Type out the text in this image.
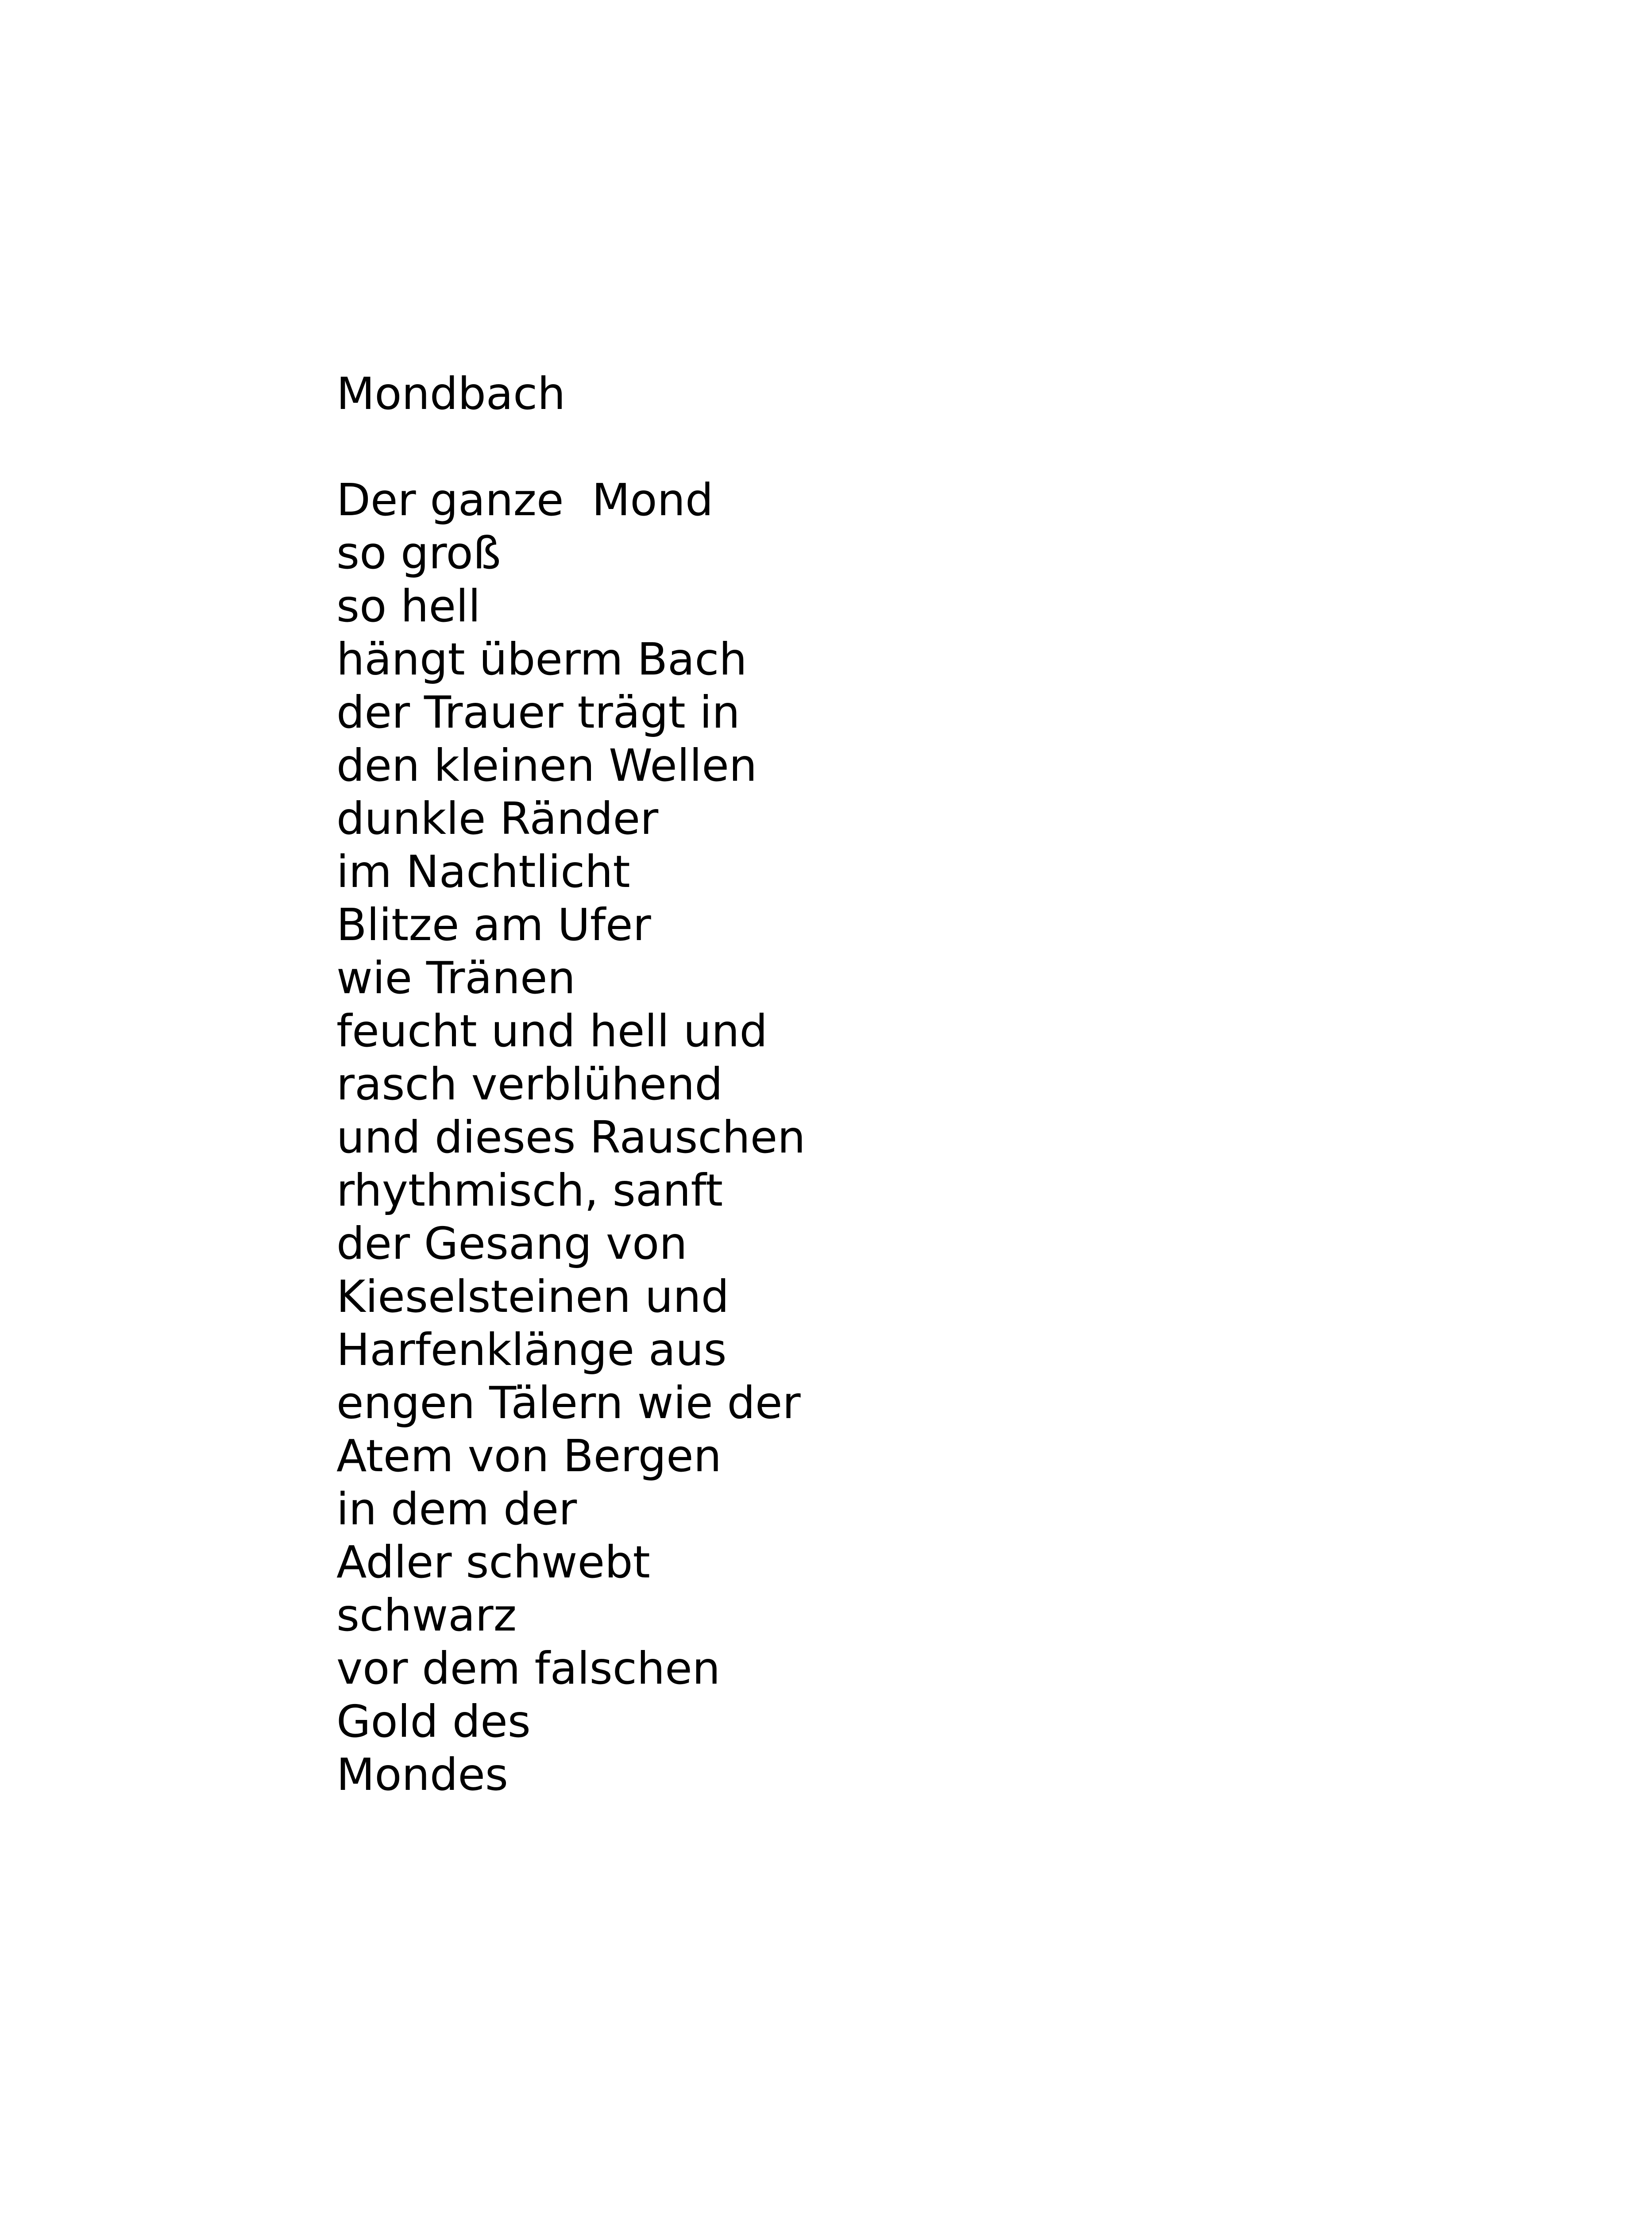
Mondbach
Der ganze  Mond
so groß
so hell
hängt überm Bach
der Trauer trägt in
den kleinen Wellen
dunkle Ränder
im Nachtlicht
Blitze am Ufer
wie Tränen
feucht und hell und
rasch verblühend
und dieses Rauschen
rhythmisch, sanft
der Gesang von
Kieselsteinen und
Harfenklänge aus
engen Tälern wie der
Atem von Bergen
in dem der
Adler schwebt
schwarz
vor dem falschen
Gold des
Mondes
